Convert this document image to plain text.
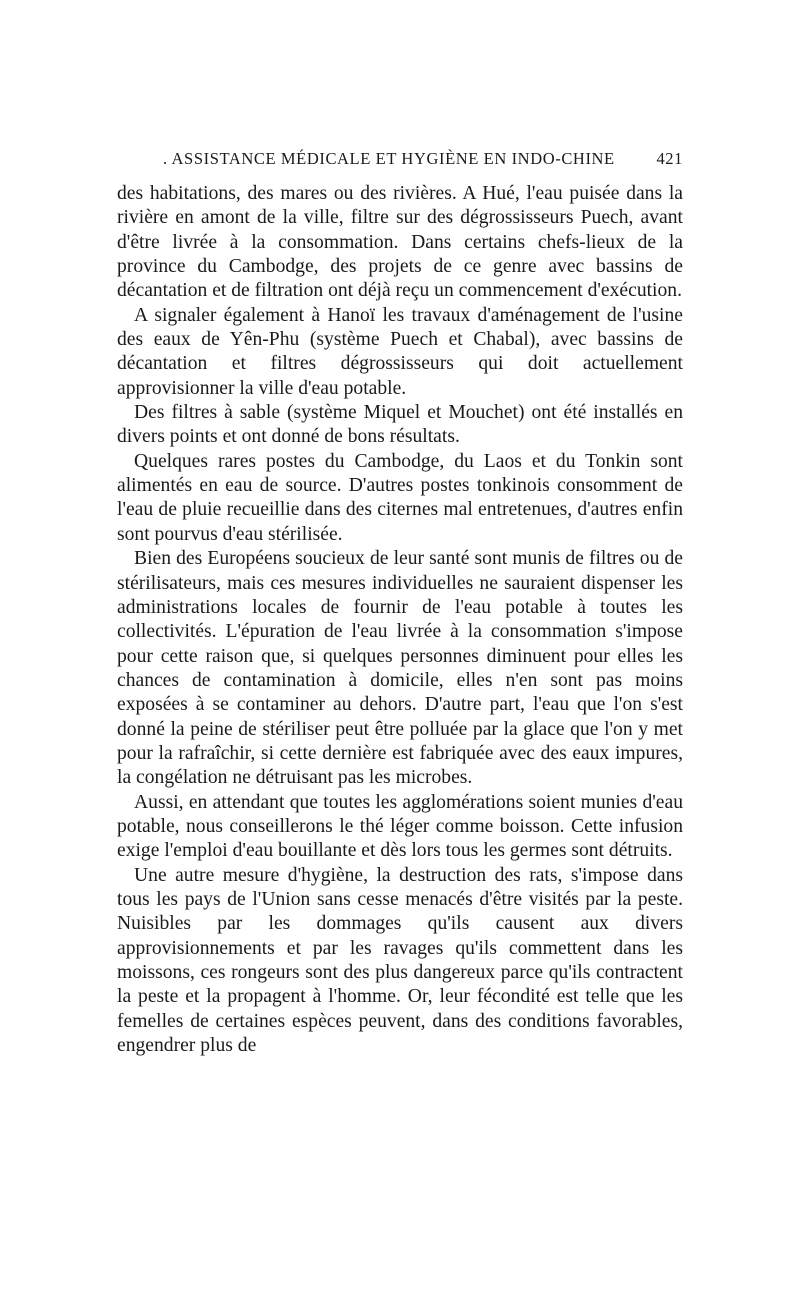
. ASSISTANCE MÉDICALE ET HYGIÈNE EN INDO-CHINE	421

des habitations, des mares ou des rivières. A Hué, l'eau puisée dans la rivière en amont de la ville, filtre sur des dégrossisseurs Puech, avant d'être livrée à la consommation. Dans certains chefs-lieux de la province du Cambodge, des projets de ce genre avec bassins de décantation et de filtration ont déjà reçu un commencement d'exécution.

A signaler également à Hanoï les travaux d'aménagement de l'usine des eaux de Yên-Phu (système Puech et Chabal), avec bassins de décantation et filtres dégrossisseurs qui doit actuellement approvisionner la ville d'eau potable.

Des filtres à sable (système Miquel et Mouchet) ont été installés en divers points et ont donné de bons résultats.

Quelques rares postes du Cambodge, du Laos et du Tonkin sont alimentés en eau de source. D'autres postes tonkinois consomment de l'eau de pluie recueillie dans des citernes mal entretenues, d'autres enfin sont pourvus d'eau stérilisée.

Bien des Européens soucieux de leur santé sont munis de filtres ou de stérilisateurs, mais ces mesures individuelles ne sauraient dispenser les administrations locales de fournir de l'eau potable à toutes les collectivités. L'épuration de l'eau livrée à la consommation s'impose pour cette raison que, si quelques personnes diminuent pour elles les chances de contamination à domicile, elles n'en sont pas moins exposées à se contaminer au dehors. D'autre part, l'eau que l'on s'est donné la peine de stériliser peut être polluée par la glace que l'on y met pour la rafraîchir, si cette dernière est fabriquée avec des eaux impures, la congélation ne détruisant pas les microbes.

Aussi, en attendant que toutes les agglomérations soient munies d'eau potable, nous conseillerons le thé léger comme boisson. Cette infusion exige l'emploi d'eau bouillante et dès lors tous les germes sont détruits.

Une autre mesure d'hygiène, la destruction des rats, s'impose dans tous les pays de l'Union sans cesse menacés d'être visités par la peste. Nuisibles par les dommages qu'ils causent aux divers approvisionnements et par les ravages qu'ils commettent dans les moissons, ces rongeurs sont des plus dangereux parce qu'ils contractent la peste et la propagent à l'homme. Or, leur fécondité est telle que les femelles de certaines espèces peuvent, dans des conditions favorables, engendrer plus de
